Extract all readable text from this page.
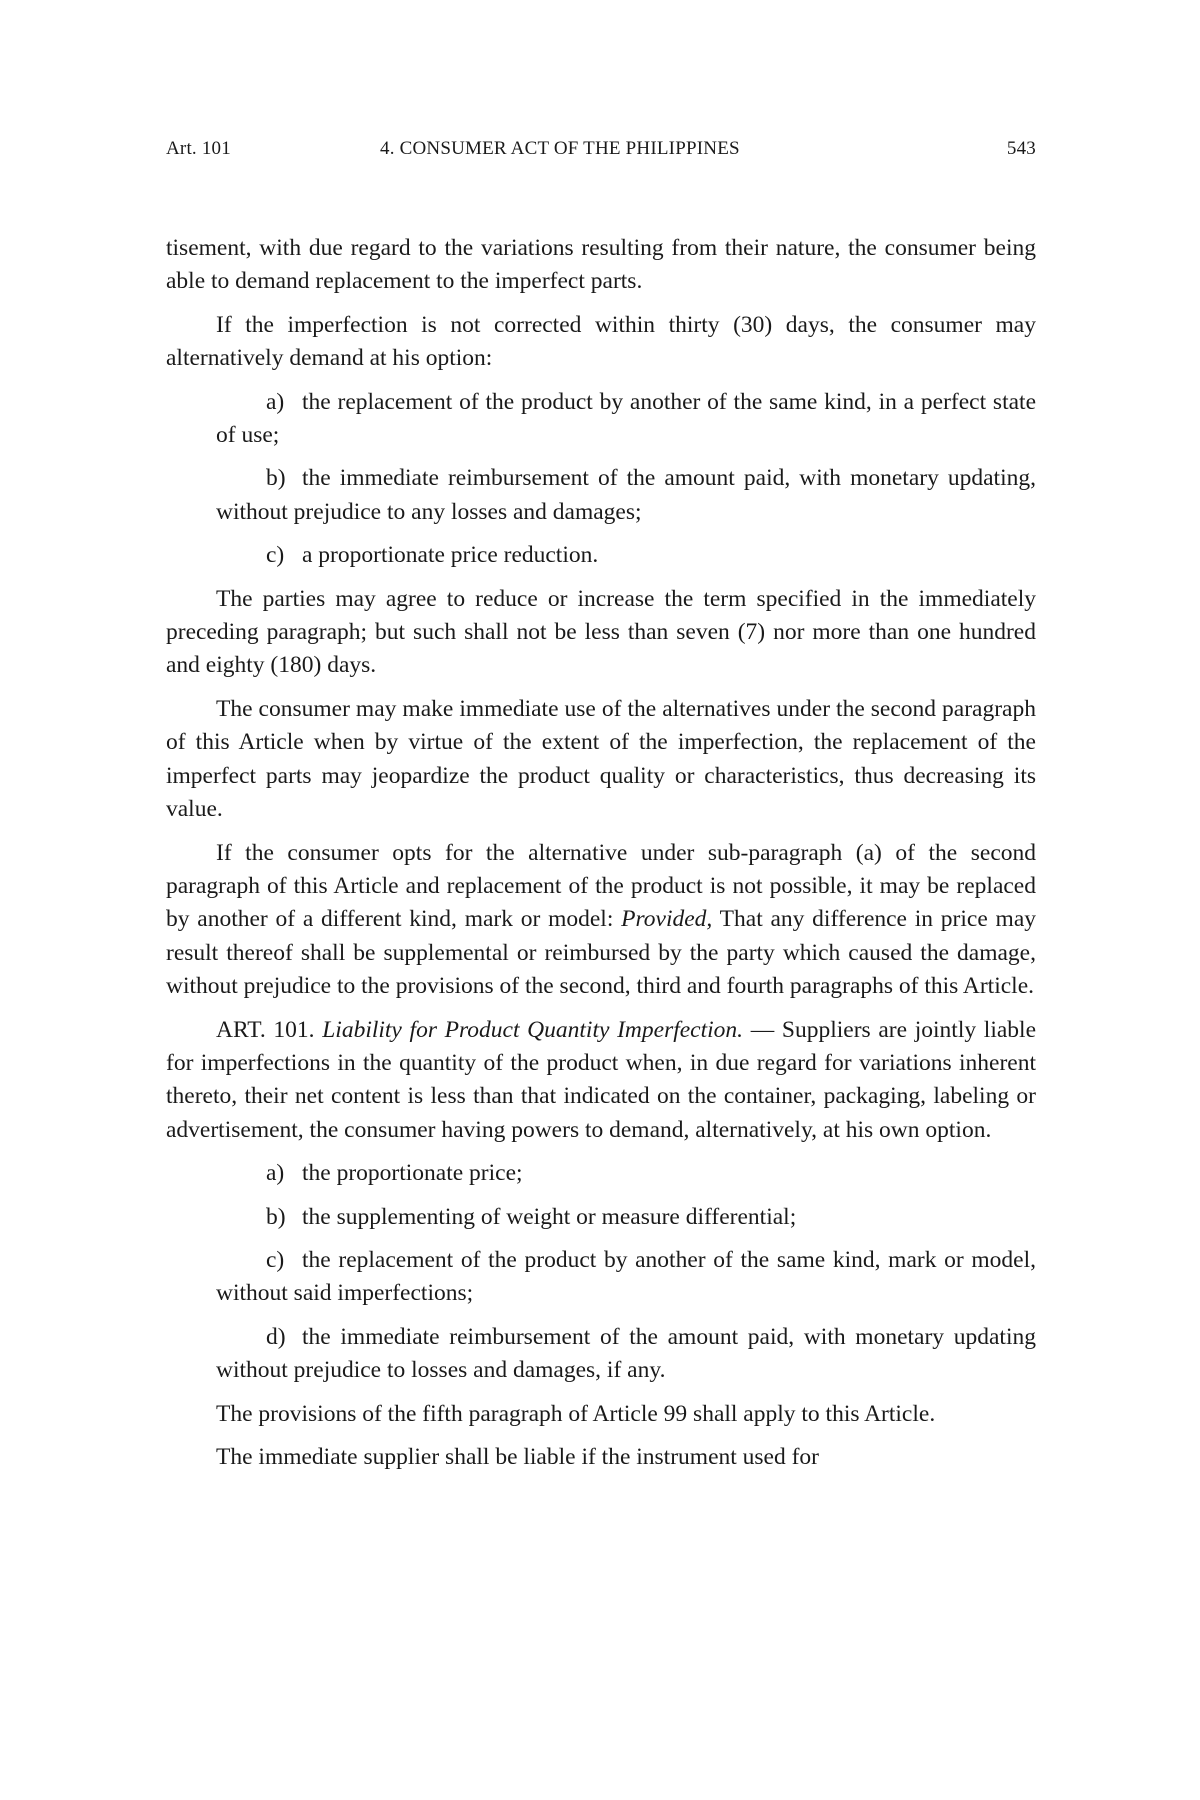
Art. 101	4. CONSUMER ACT OF THE PHILIPPINES	543

tisement, with due regard to the variations resulting from their nature, the consumer being able to demand replacement to the imperfect parts.

If the imperfection is not corrected within thirty (30) days, the consumer may alternatively demand at his option:

a) the replacement of the product by another of the same kind, in a perfect state of use;

b) the immediate reimbursement of the amount paid, with monetary updating, without prejudice to any losses and damages;

c) a proportionate price reduction.

The parties may agree to reduce or increase the term specified in the immediately preceding paragraph; but such shall not be less than seven (7) nor more than one hundred and eighty (180) days.

The consumer may make immediate use of the alternatives under the second paragraph of this Article when by virtue of the extent of the imperfection, the replacement of the imperfect parts may jeopardize the product quality or characteristics, thus decreasing its value.

If the consumer opts for the alternative under sub-paragraph (a) of the second paragraph of this Article and replacement of the product is not possible, it may be replaced by another of a different kind, mark or model: Provided, That any difference in price may result thereof shall be supplemental or reimbursed by the party which caused the damage, without prejudice to the provisions of the second, third and fourth paragraphs of this Article.

ART. 101. Liability for Product Quantity Imperfection. — Suppliers are jointly liable for imperfections in the quantity of the product when, in due regard for variations inherent thereto, their net content is less than that indicated on the container, packaging, labeling or advertisement, the consumer having powers to demand, alternatively, at his own option.

a) the proportionate price;

b) the supplementing of weight or measure differential;

c) the replacement of the product by another of the same kind, mark or model, without said imperfections;

d) the immediate reimbursement of the amount paid, with monetary updating without prejudice to losses and damages, if any.

The provisions of the fifth paragraph of Article 99 shall apply to this Article.

The immediate supplier shall be liable if the instrument used for
